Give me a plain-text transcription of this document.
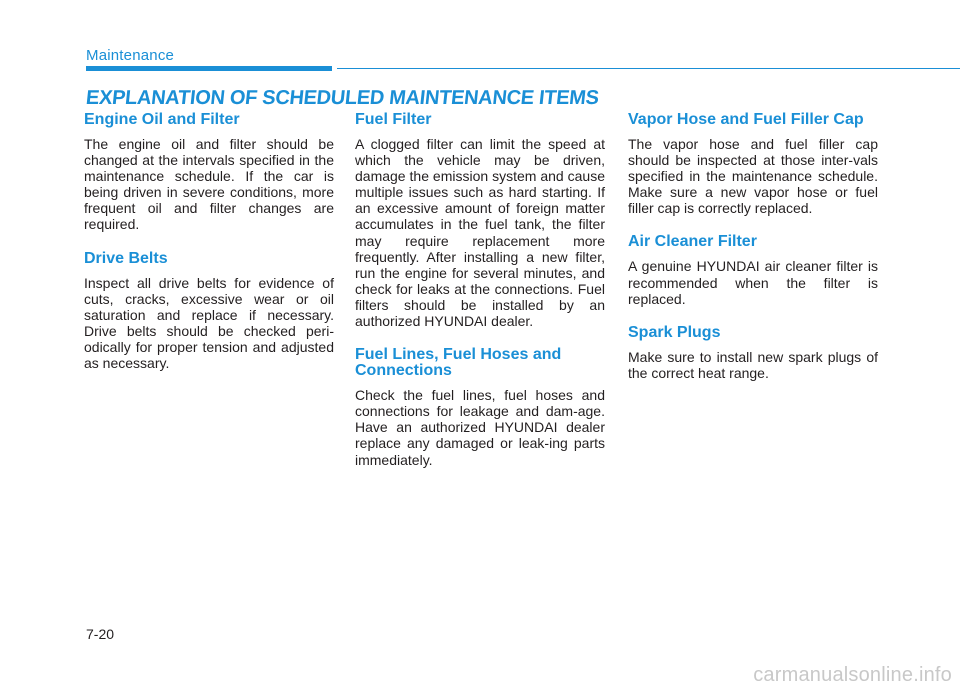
Maintenance
EXPLANATION OF SCHEDULED MAINTENANCE ITEMS
Engine Oil and Filter

The engine oil and filter should be changed at the intervals specified in the maintenance schedule. If the car is being driven in severe conditions, more frequent oil and filter changes are required.

Drive Belts

Inspect all drive belts for evidence of cuts, cracks, excessive wear or oil saturation and replace if necessary. Drive belts should be checked peri-odically for proper tension and adjusted as necessary.

Fuel Filter

A clogged filter can limit the speed at which the vehicle may be driven, damage the emission system and cause multiple issues such as hard starting. If an excessive amount of foreign matter accumulates in the fuel tank, the filter may require replacement more frequently. After installing a new filter, run the engine for several minutes, and check for leaks at the connections. Fuel filters should be installed by an authorized HYUNDAI dealer.

Fuel Lines, Fuel Hoses and Connections

Check the fuel lines, fuel hoses and connections for leakage and dam-age. Have an authorized HYUNDAI dealer replace any damaged or leak-ing parts immediately.

Vapor Hose and Fuel Filler Cap

The vapor hose and fuel filler cap should be inspected at those inter-vals specified in the maintenance schedule. Make sure a new vapor hose or fuel filler cap is correctly replaced.

Air Cleaner Filter

A genuine HYUNDAI air cleaner filter is recommended when the filter is replaced.

Spark Plugs

Make sure to install new spark plugs of the correct heat range.

7-20
carmanualsonline.info
